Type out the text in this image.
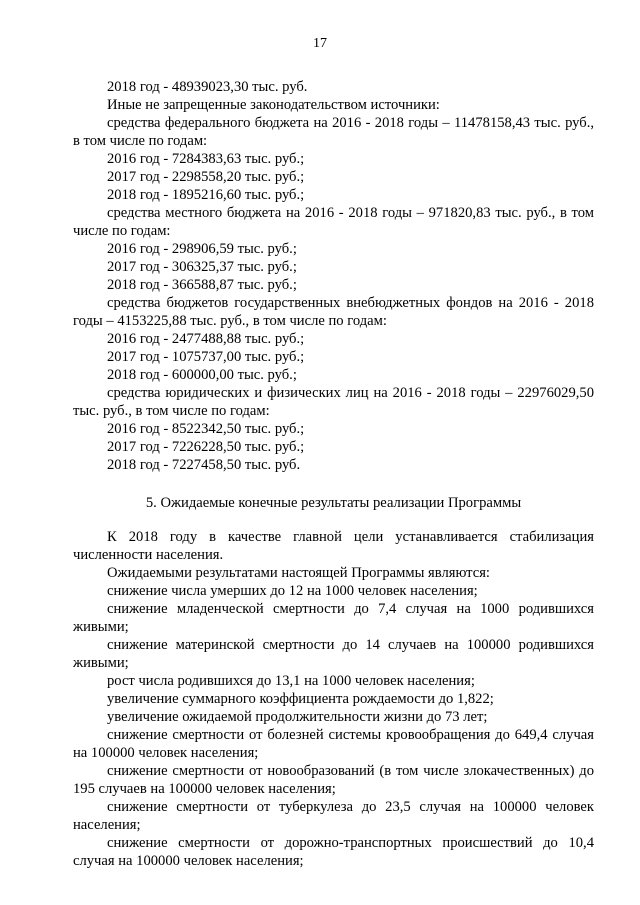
17

2018 год - 48939023,30 тыс. руб.

Иные не запрещенные законодательством источники:

средства федерального бюджета на 2016 - 2018 годы – 11478158,43 тыс. руб., в том числе по годам:

2016 год - 7284383,63 тыс. руб.;

2017 год - 2298558,20 тыс. руб.;

2018 год - 1895216,60 тыс. руб.;

средства местного бюджета на 2016 - 2018 годы – 971820,83 тыс. руб., в том числе по годам:

2016 год - 298906,59 тыс. руб.;

2017 год - 306325,37 тыс. руб.;

2018 год - 366588,87 тыс. руб.;

средства бюджетов государственных внебюджетных фондов на 2016 - 2018 годы – 4153225,88 тыс. руб., в том числе по годам:

2016 год - 2477488,88 тыс. руб.;

2017 год - 1075737,00 тыс. руб.;

2018 год - 600000,00 тыс. руб.;

средства юридических и физических лиц на 2016 - 2018 годы – 22976029,50 тыс. руб., в том числе по годам:

2016 год - 8522342,50 тыс. руб.;

2017 год - 7226228,50 тыс. руб.;

2018 год - 7227458,50 тыс. руб.

5. Ожидаемые конечные результаты реализации Программы

К 2018 году в качестве главной цели устанавливается стабилизация численности населения.

Ожидаемыми результатами настоящей Программы являются:

снижение числа умерших до 12 на 1000 человек населения;

снижение младенческой смертности до 7,4 случая на 1000 родившихся живыми;

снижение материнской смертности до 14 случаев на 100000 родившихся живыми;

рост числа родившихся до 13,1 на 1000 человек населения;

увеличение суммарного коэффициента рождаемости до 1,822;

увеличение ожидаемой продолжительности жизни до 73 лет;

снижение смертности от болезней системы кровообращения до 649,4 случая на 100000 человек населения;

снижение смертности от новообразований (в том числе злокачественных) до 195 случаев на 100000 человек населения;

снижение смертности от туберкулеза до 23,5 случая на 100000 человек населения;

снижение смертности от дорожно-транспортных происшествий до 10,4 случая на 100000 человек населения;
